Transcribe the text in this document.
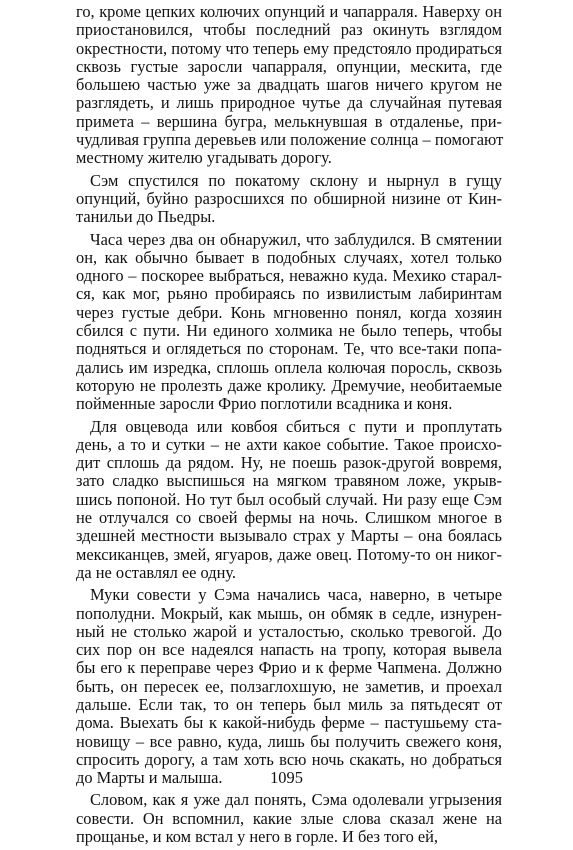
го, кроме цепких колючих опунций и чапарраля. Наверху он
приостановился, чтобы последний раз окинуть взглядом
окрестности, потому что теперь ему предстояло продираться
сквозь густые заросли чапарраля, опунции, мескита, где
большею частью уже за двадцать шагов ничего кругом не
разглядеть, и лишь природное чутье да случайная путевая
примета – вершина бугра, мелькнувшая в отдаленье, при-
чудливая группа деревьев или положение солнца – помогают
местному жителю угадывать дорогу.
Сэм спустился по покатому склону и нырнул в гущу
опунций, буйно разросшихся по обширной низине от Кин-
танильи до Пьедры.
Часа через два он обнаружил, что заблудился. В смятении
он, как обычно бывает в подобных случаях, хотел только
одного – поскорее выбраться, неважно куда. Мехико старал-
ся, как мог, рьяно пробираясь по извилистым лабиринтам
через густые дебри. Конь мгновенно понял, когда хозяин
сбился с пути. Ни единого холмика не было теперь, чтобы
подняться и оглядеться по сторонам. Те, что все-таки попа-
дались им изредка, сплошь оплела колючая поросль, сквозь
которую не пролезть даже кролику. Дремучие, необитаемые
пойменные заросли Фрио поглотили всадника и коня.
Для овцевода или ковбоя сбиться с пути и проплутать
день, а то и сутки – не ахти какое событие. Такое происхо-
дит сплошь да рядом. Ну, не поешь разок-другой вовремя,
зато сладко выспишься на мягком травяном ложе, укрыв-
шись попоной. Но тут был особый случай. Ни разу еще Сэм
не отлучался со своей фермы на ночь. Слишком многое в
здешней местности вызывало страх у Марты – она боялась
мексиканцев, змей, ягуаров, даже овец. Потому-то он никог-
да не оставлял ее одну.
Муки совести у Сэма начались часа, наверно, в четыре
пополудни. Мокрый, как мышь, он обмяк в седле, изнурен-
ный не столько жарой и усталостью, сколько тревогой. До
сих пор он все надеялся напасть на тропу, которая вывела
бы его к переправе через Фрио и к ферме Чапмена. Должно
быть, он пересек ее, ползаглохшую, не заметив, и проехал
дальше. Если так, то он теперь был миль за пятьдесят от
дома. Выехать бы к какой-нибудь ферме – пастушьему ста-
новищу – все равно, куда, лишь бы получить свежего коня,
спросить дорогу, а там хоть всю ночь скакать, но добраться
до Марты и малыша.
Словом, как я уже дал понять, Сэма одолевали угрызения
совести. Он вспомнил, какие злые слова сказал жене на
прощанье, и ком встал у него в горле. И без того ей,
1095
